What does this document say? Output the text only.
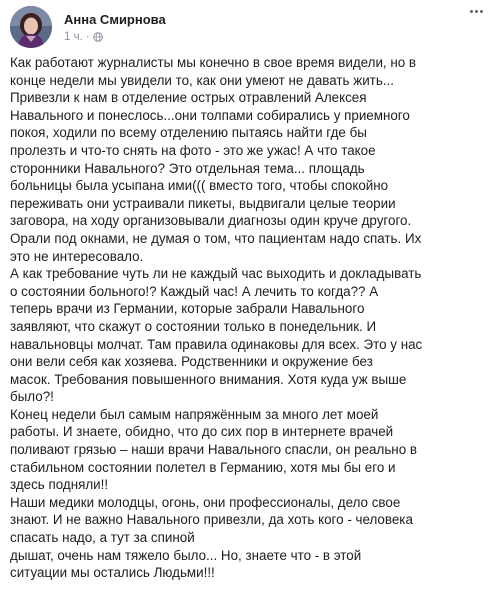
Анна Смирнова
1 ч. ·
Как работают журналисты мы конечно в свое время видели, но в
конце недели мы увидели то, как они умеют не давать жить...
Привезли к нам в отделение острых отравлений Алексея
Навального и понеслось...они толпами собирались у приемного
покоя, ходили по всему отделению пытаясь найти где бы
пролезть и что-то снять на фото - это же ужас! А что такое
сторонники Навального? Это отдельная тема... площадь
больницы была усыпана ими((( вместо того, чтобы спокойно
переживать они устраивали пикеты, выдвигали целые теории
заговора, на ходу организовывали диагнозы один круче другого.
Орали под окнами, не думая о том, что пациентам надо спать. Их
это не интересовало.
А как требование чуть ли не каждый час выходить и докладывать
о состоянии больного!? Каждый час! А лечить то когда?? А
теперь врачи из Германии, которые забрали Навального
заявляют, что скажут о состоянии только в понедельник. И
навальновцы молчат. Там правила одинаковы для всех. Это у нас
они вели себя как хозяева. Родственники и окружение без
масок. Требования повышенного внимания. Хотя куда уж выше
было?!
Конец недели был самым напряжённым за много лет моей
работы. И знаете, обидно, что до сих пор в интернете врачей
поливают грязью – наши врачи Навального спасли, он реально в
стабильном состоянии полетел в Германию, хотя мы бы его и
здесь подняли!!
Наши медики молодцы, огонь, они профессионалы, дело свое
знают. И не важно Навального привезли, да хоть кого - человека
спасать надо, а тут за спиной
дышат, очень нам тяжело было... Но, знаете что - в этой
ситуации мы остались Людьми!!!
